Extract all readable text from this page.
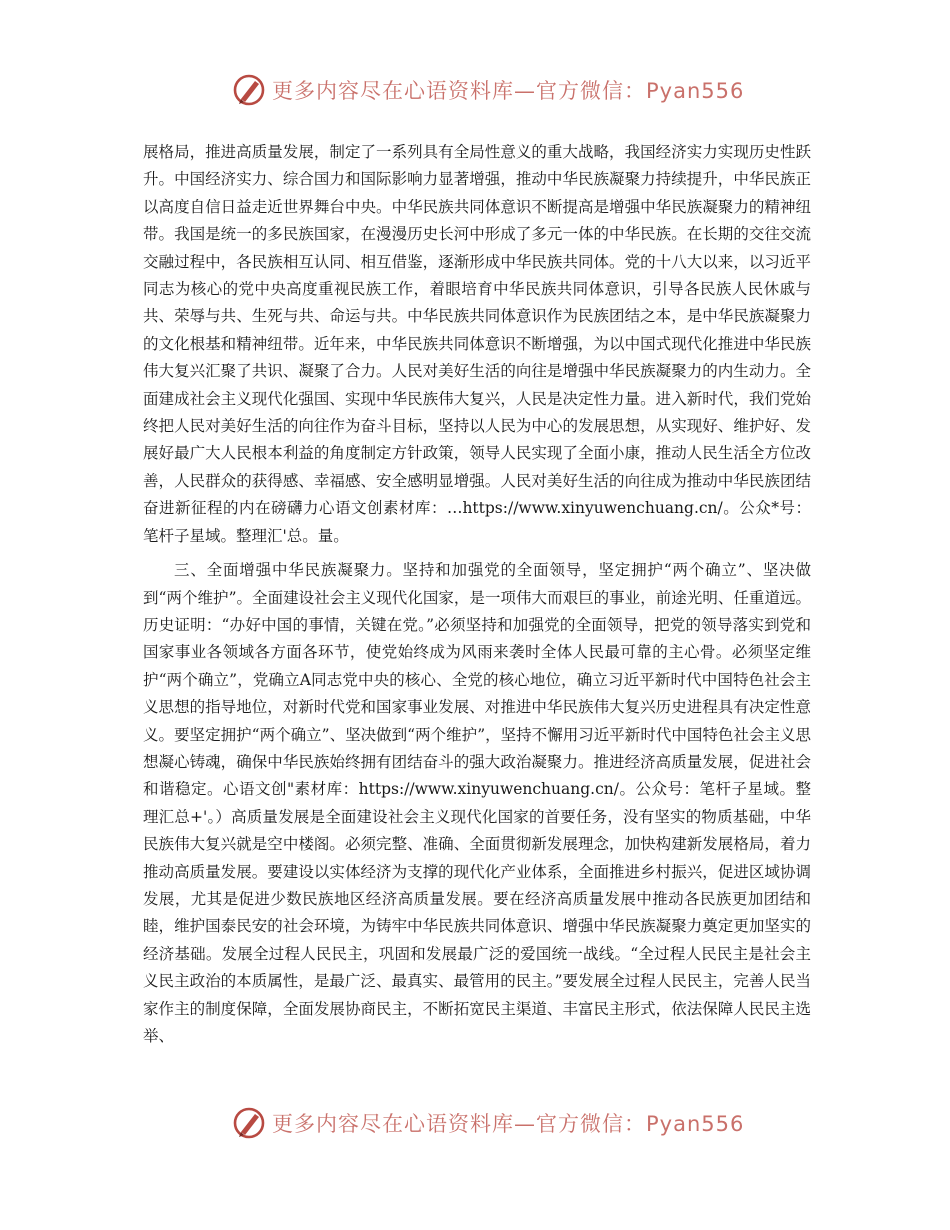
更多内容尽在心语资料库—官方微信：Pyan556

展格局，推进高质量发展，制定了一系列具有全局性意义的重大战略，我国经济实力实现历史性跃升。中国经济实力、综合国力和国际影响力显著增强，推动中华民族凝聚力持续提升，中华民族正以高度自信日益走近世界舞台中央。中华民族共同体意识不断提高是增强中华民族凝聚力的精神纽带。我国是统一的多民族国家，在漫漫历史长河中形成了多元一体的中华民族。在长期的交往交流交融过程中，各民族相互认同、相互借鉴，逐渐形成中华民族共同体。党的十八大以来，以习近平同志为核心的党中央高度重视民族工作，着眼培育中华民族共同体意识，引导各民族人民休戚与共、荣辱与共、生死与共、命运与共。中华民族共同体意识作为民族团结之本，是中华民族凝聚力的文化根基和精神纽带。近年来，中华民族共同体意识不断增强，为以中国式现代化推进中华民族伟大复兴汇聚了共识、凝聚了合力。人民对美好生活的向往是增强中华民族凝聚力的内生动力。全面建成社会主义现代化强国、实现中华民族伟大复兴，人民是决定性力量。进入新时代，我们党始终把人民对美好生活的向往作为奋斗目标，坚持以人民为中心的发展思想，从实现好、维护好、发展好最广大人民根本利益的角度制定方针政策，领导人民实现了全面小康，推动人民生活全方位改善，人民群众的获得感、幸福感、安全感明显增强。人民对美好生活的向往成为推动中华民族团结奋进新征程的内在磅礴力心语文创素材库：…https://www.xinyuwenchuang.cn/。公众*号：笔杆子星域。整理汇'总。量。

三、全面增强中华民族凝聚力。坚持和加强党的全面领导，坚定拥护“两个确立”、坚决做到“两个维护”。全面建设社会主义现代化国家，是一项伟大而艰巨的事业，前途光明、任重道远。历史证明：“办好中国的事情，关键在党。”必须坚持和加强党的全面领导，把党的领导落实到党和国家事业各领域各方面各环节，使党始终成为风雨来袭时全体人民最可靠的主心骨。必须坚定维护“两个确立”，党确立A同志党中央的核心、全党的核心地位，确立习近平新时代中国特色社会主义思想的指导地位，对新时代党和国家事业发展、对推进中华民族伟大复兴历史进程具有决定性意义。要坚定拥护“两个确立”、坚决做到“两个维护”，坚持不懈用习近平新时代中国特色社会主义思想凝心铸魂，确保中华民族始终拥有团结奋斗的强大政治凝聚力。推进经济高质量发展，促进社会和谐稳定。心语文创"素材库：https://www.xinyuwenchuang.cn/。公众号：笔杆子星域。整理汇总+'。）高质量发展是全面建设社会主义现代化国家的首要任务，没有坚实的物质基础，中华民族伟大复兴就是空中楼阁。必须完整、准确、全面贯彻新发展理念，加快构建新发展格局，着力推动高质量发展。要建设以实体经济为支撑的现代化产业体系，全面推进乡村振兴，促进区域协调发展，尤其是促进少数民族地区经济高质量发展。要在经济高质量发展中推动各民族更加团结和睦，维护国泰民安的社会环境，为铸牢中华民族共同体意识、增强中华民族凝聚力奠定更加坚实的经济基础。发展全过程人民民主，巩固和发展最广泛的爱国统一战线。“全过程人民民主是社会主义民主政治的本质属性，是最广泛、最真实、最管用的民主。”要发展全过程人民民主，完善人民当家作主的制度保障，全面发展协商民主，不断拓宽民主渠道、丰富民主形式，依法保障人民民主选举、

更多内容尽在心语资料库—官方微信：Pyan556
